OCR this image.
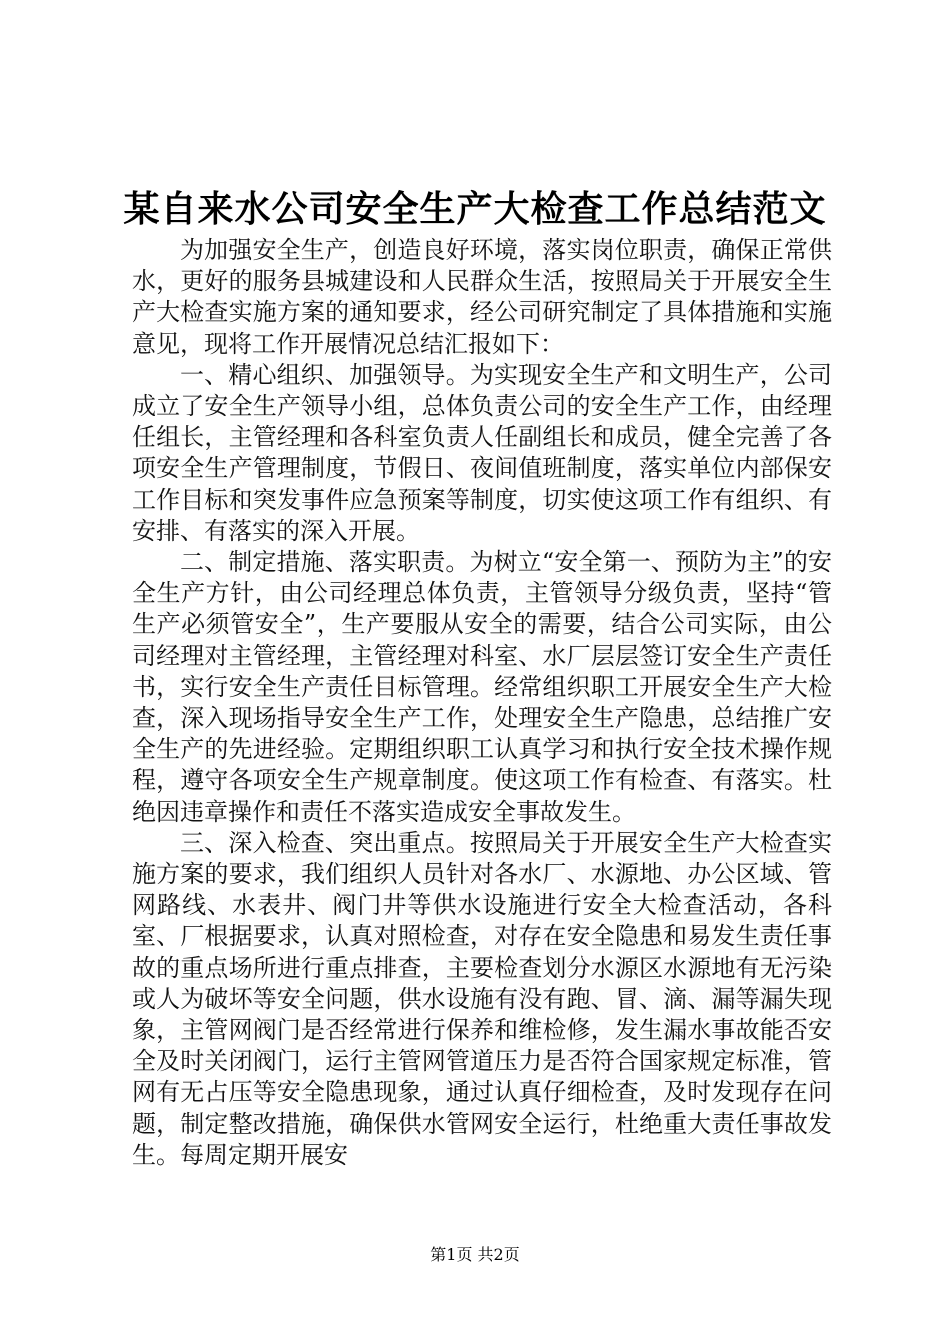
某自来水公司安全生产大检查工作总结范文

为加强安全生产，创造良好环境，落实岗位职责，确保正常供水，更好的服务县城建设和人民群众生活，按照局关于开展安全生产大检查实施方案的通知要求，经公司研究制定了具体措施和实施意见，现将工作开展情况总结汇报如下：

一、精心组织、加强领导。为实现安全生产和文明生产，公司成立了安全生产领导小组，总体负责公司的安全生产工作，由经理任组长，主管经理和各科室负责人任副组长和成员，健全完善了各项安全生产管理制度，节假日、夜间值班制度，落实单位内部保安工作目标和突发事件应急预案等制度，切实使这项工作有组织、有安排、有落实的深入开展。

二、制定措施、落实职责。为树立“安全第一、预防为主”的安全生产方针，由公司经理总体负责，主管领导分级负责，坚持“管生产必须管安全”，生产要服从安全的需要，结合公司实际，由公司经理对主管经理，主管经理对科室、水厂层层签订安全生产责任书，实行安全生产责任目标管理。经常组织职工开展安全生产大检查，深入现场指导安全生产工作，处理安全生产隐患，总结推广安全生产的先进经验。定期组织职工认真学习和执行安全技术操作规程，遵守各项安全生产规章制度。使这项工作有检查、有落实。杜绝因违章操作和责任不落实造成安全事故发生。

三、深入检查、突出重点。按照局关于开展安全生产大检查实施方案的要求，我们组织人员针对各水厂、水源地、办公区域、管网路线、水表井、阀门井等供水设施进行安全大检查活动，各科室、厂根据要求，认真对照检查，对存在安全隐患和易发生责任事故的重点场所进行重点排查，主要检查划分水源区水源地有无污染或人为破坏等安全问题，供水设施有没有跑、冒、滴、漏等漏失现象，主管网阀门是否经常进行保养和维检修，发生漏水事故能否安全及时关闭阀门，运行主管网管道压力是否符合国家规定标准，管网有无占压等安全隐患现象，通过认真仔细检查，及时发现存在问题，制定整改措施，确保供水管网安全运行，杜绝重大责任事故发生。每周定期开展安

第1页 共2页
